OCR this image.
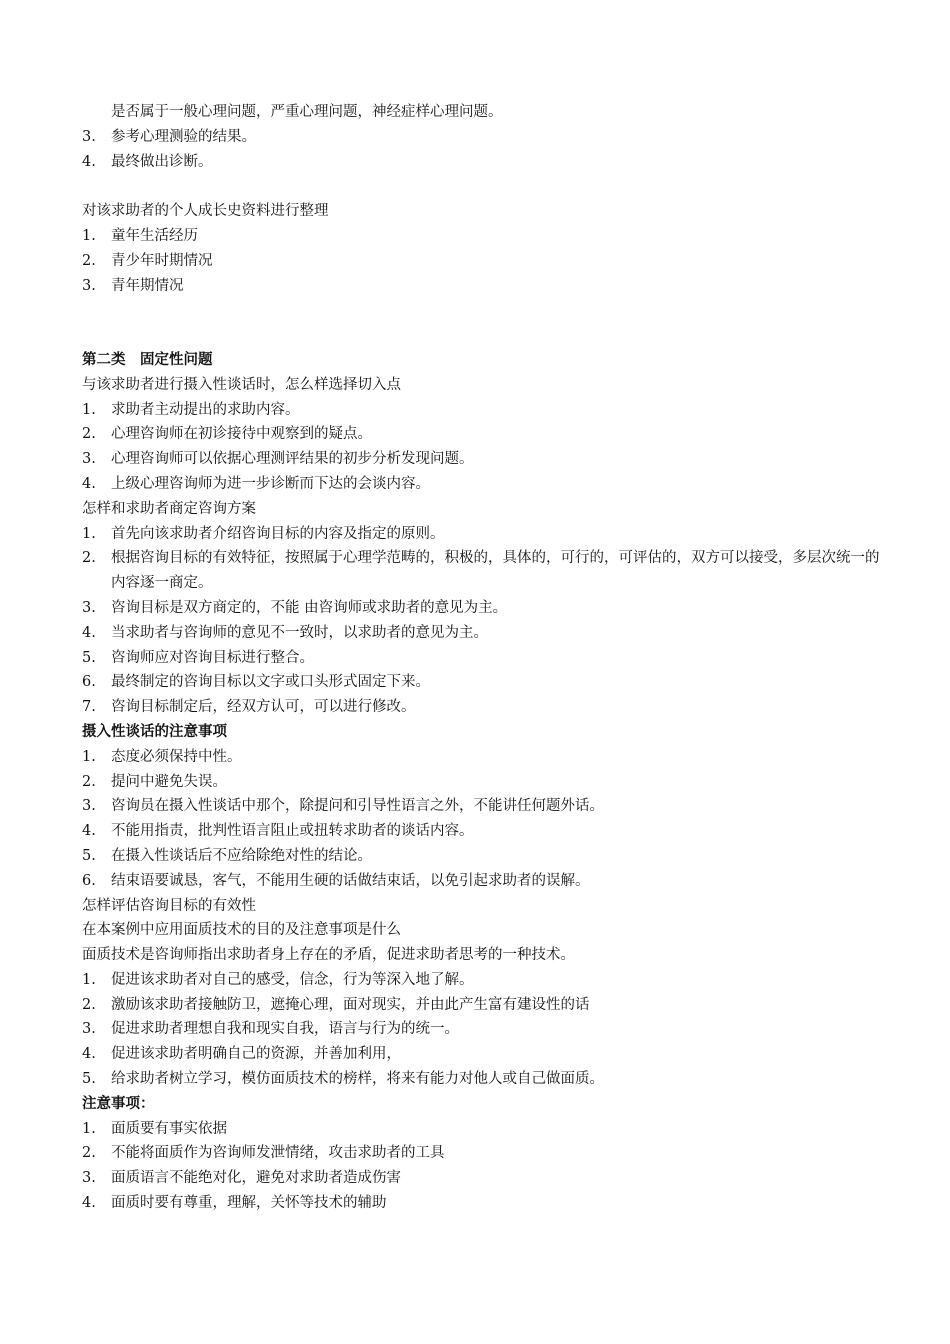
是否属于一般心理问题，严重心理问题，神经症样心理问题。
3.	参考心理测验的结果。
4.	最终做出诊断。
对该求助者的个人成长史资料进行整理
1.	童年生活经历
2.	青少年时期情况
3.	青年期情况
第二类　固定性问题
与该求助者进行摄入性谈话时，怎么样选择切入点
1.	求助者主动提出的求助内容。
2.	心理咨询师在初诊接待中观察到的疑点。
3.	心理咨询师可以依据心理测评结果的初步分析发现问题。
4.	上级心理咨询师为进一步诊断而下达的会谈内容。
怎样和求助者商定咨询方案
1.	首先向该求助者介绍咨询目标的内容及指定的原则。
2.	根据咨询目标的有效特征，按照属于心理学范畴的，积极的，具体的，可行的，可评估的，双方可以接受，多层次统一的内容逐一商定。
3.	咨询目标是双方商定的，不能 由咨询师或求助者的意见为主。
4.	当求助者与咨询师的意见不一致时，以求助者的意见为主。
5.	咨询师应对咨询目标进行整合。
6.	最终制定的咨询目标以文字或口头形式固定下来。
7.	咨询目标制定后，经双方认可，可以进行修改。
摄入性谈话的注意事项
1.	态度必须保持中性。
2.	提问中避免失误。
3.	咨询员在摄入性谈话中那个，除提问和引导性语言之外，不能讲任何题外话。
4.	不能用指责，批判性语言阻止或扭转求助者的谈话内容。
5.	在摄入性谈话后不应给除绝对性的结论。
6.	结束语要诚恳，客气，不能用生硬的话做结束话，以免引起求助者的误解。
怎样评估咨询目标的有效性
在本案例中应用面质技术的目的及注意事项是什么
面质技术是咨询师指出求助者身上存在的矛盾，促进求助者思考的一种技术。
1.	促进该求助者对自己的感受，信念，行为等深入地了解。
2.	激励该求助者接触防卫，遮掩心理，面对现实，并由此产生富有建设性的话
3.	促进求助者理想自我和现实自我，语言与行为的统一。
4.	促进该求助者明确自己的资源，并善加利用，
5.	给求助者树立学习，模仿面质技术的榜样，将来有能力对他人或自己做面质。
注意事项：
1.	面质要有事实依据
2.	不能将面质作为咨询师发泄情绪，攻击求助者的工具
3.	面质语言不能绝对化，避免对求助者造成伤害
4.	面质时要有尊重，理解，关怀等技术的辅助
